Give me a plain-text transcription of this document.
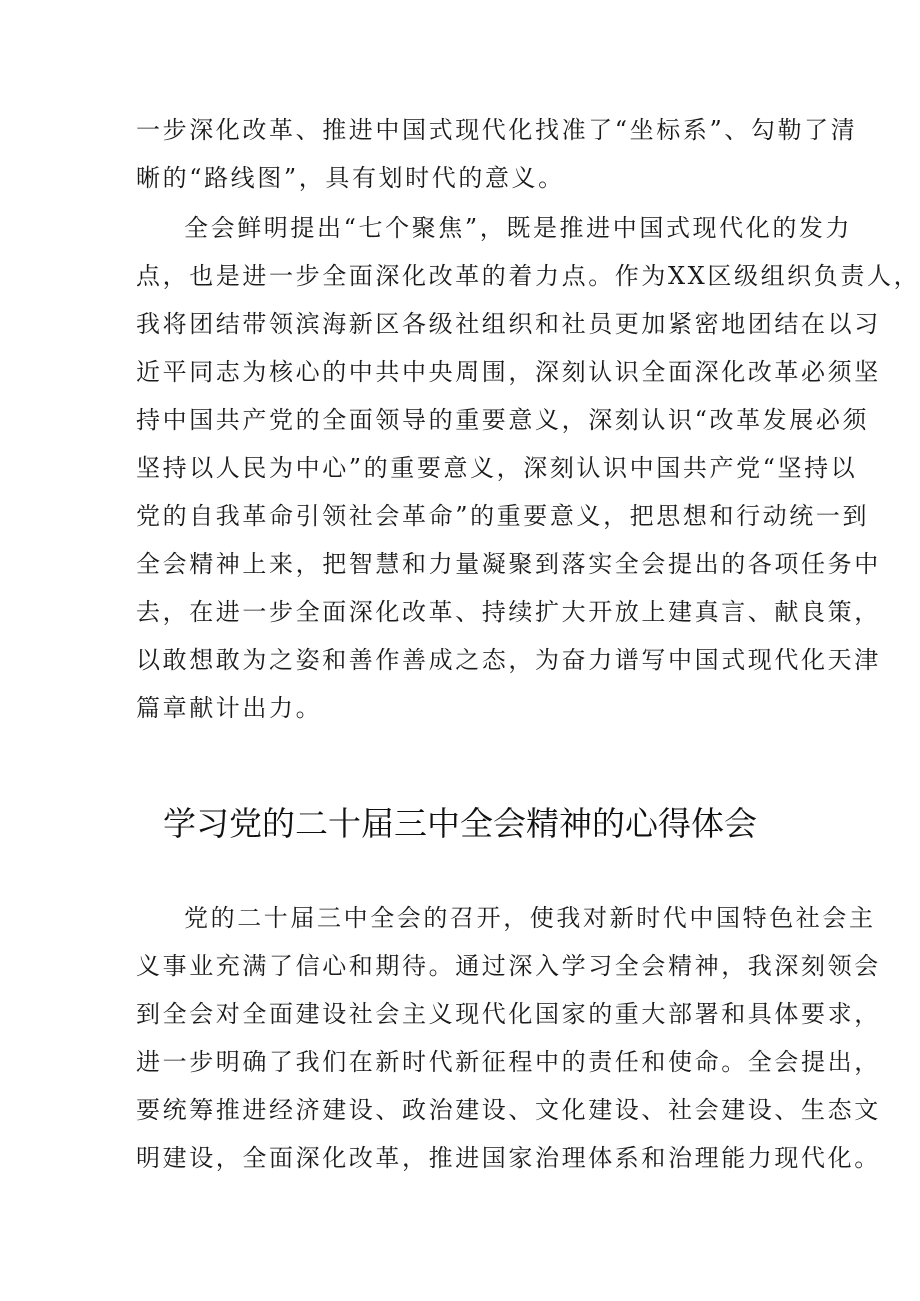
一步深化改革、推进中国式现代化找准了“坐标系”、勾勒了清
晰的“路线图”，具有划时代的意义。
全会鲜明提出“七个聚焦”，既是推进中国式现代化的发力
点，也是进一步全面深化改革的着力点。作为XX区级组织负责人，
我将团结带领滨海新区各级社组织和社员更加紧密地团结在以习
近平同志为核心的中共中央周围，深刻认识全面深化改革必须坚
持中国共产党的全面领导的重要意义，深刻认识“改革发展必须
坚持以人民为中心”的重要意义，深刻认识中国共产党“坚持以
党的自我革命引领社会革命”的重要意义，把思想和行动统一到
全会精神上来，把智慧和力量凝聚到落实全会提出的各项任务中
去，在进一步全面深化改革、持续扩大开放上建真言、献良策，
以敢想敢为之姿和善作善成之态，为奋力谱写中国式现代化天津
篇章献计出力。
学习党的二十届三中全会精神的心得体会
党的二十届三中全会的召开，使我对新时代中国特色社会主
义事业充满了信心和期待。通过深入学习全会精神，我深刻领会
到全会对全面建设社会主义现代化国家的重大部署和具体要求，
进一步明确了我们在新时代新征程中的责任和使命。全会提出，
要统筹推进经济建设、政治建设、文化建设、社会建设、生态文
明建设，全面深化改革，推进国家治理体系和治理能力现代化。
